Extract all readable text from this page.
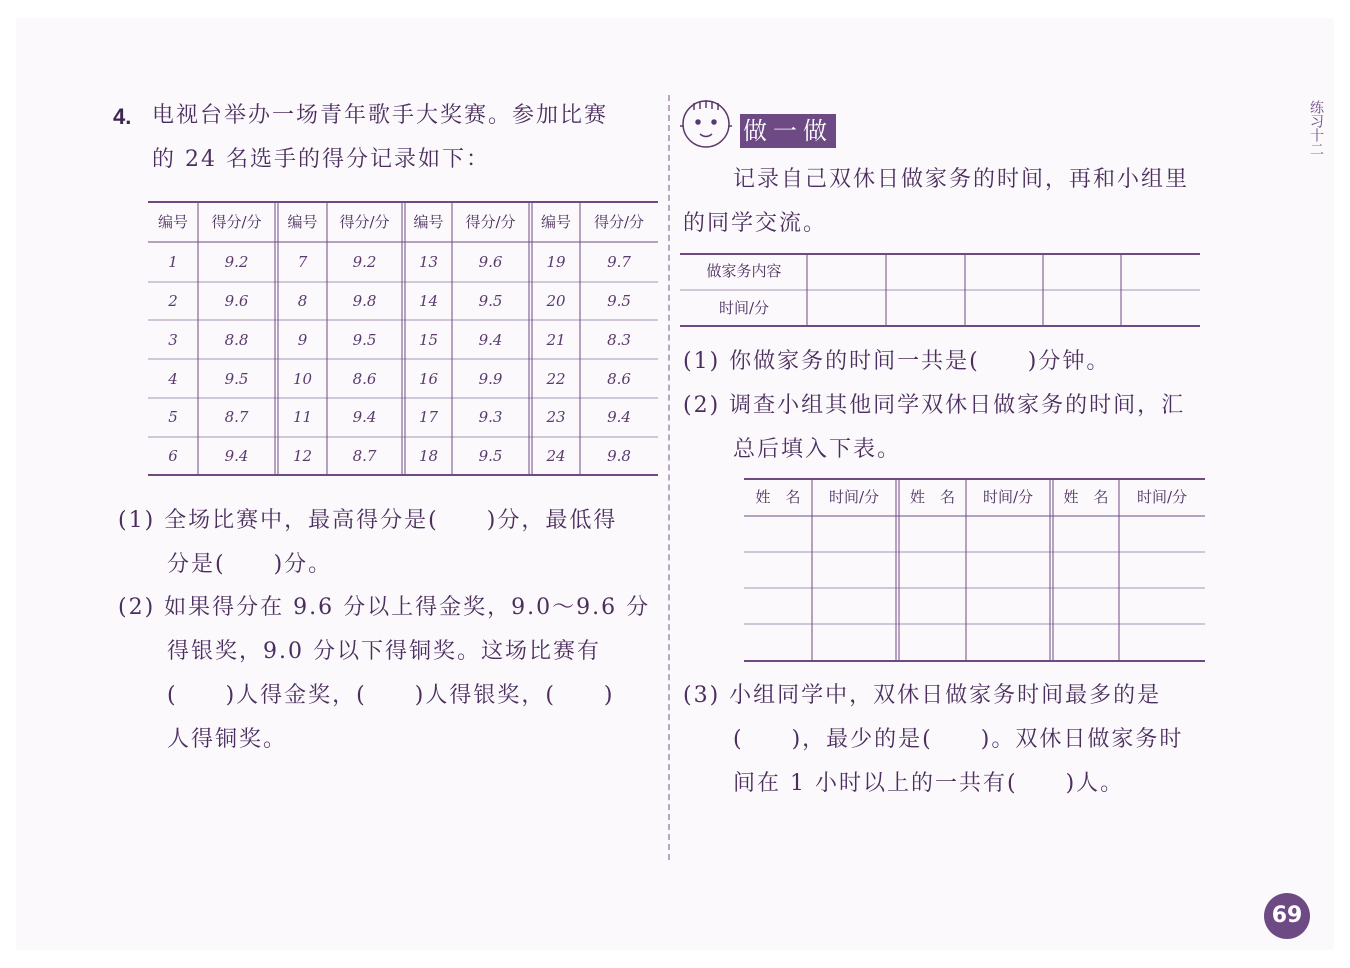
4. 电视台举办一场青年歌手大奖赛。参加比赛
的 24 名选手的得分记录如下：
编号	得分/分	编号	得分/分	编号	得分/分	编号	得分/分
1	9.2	7	9.2	13	9.6	19	9.7
2	9.6	8	9.8	14	9.5	20	9.5
3	8.8	9	9.5	15	9.4	21	8.3
4	9.5	10	8.6	16	9.9	22	8.6
5	8.7	11	9.4	17	9.3	23	9.4
6	9.4	12	8.7	18	9.5	24	9.8
(1) 全场比赛中，最高得分是(　　)分，最低得
分是(　　)分。
(2) 如果得分在 9.6 分以上得金奖，9.0～9.6 分
得银奖，9.0 分以下得铜奖。这场比赛有
(　　)人得金奖，(　　)人得银奖，(　　)
人得铜奖。
做一做
记录自己双休日做家务的时间，再和小组里
的同学交流。
做家务内容
时间/分
(1) 你做家务的时间一共是(　　)分钟。
(2) 调查小组其他同学双休日做家务的时间，汇
总后填入下表。
姓　名	时间/分	姓　名	时间/分	姓　名	时间/分
(3) 小组同学中，双休日做家务时间最多的是
(　　)，最少的是(　　)。双休日做家务时
间在 1 小时以上的一共有(　　)人。
练习十二
69
